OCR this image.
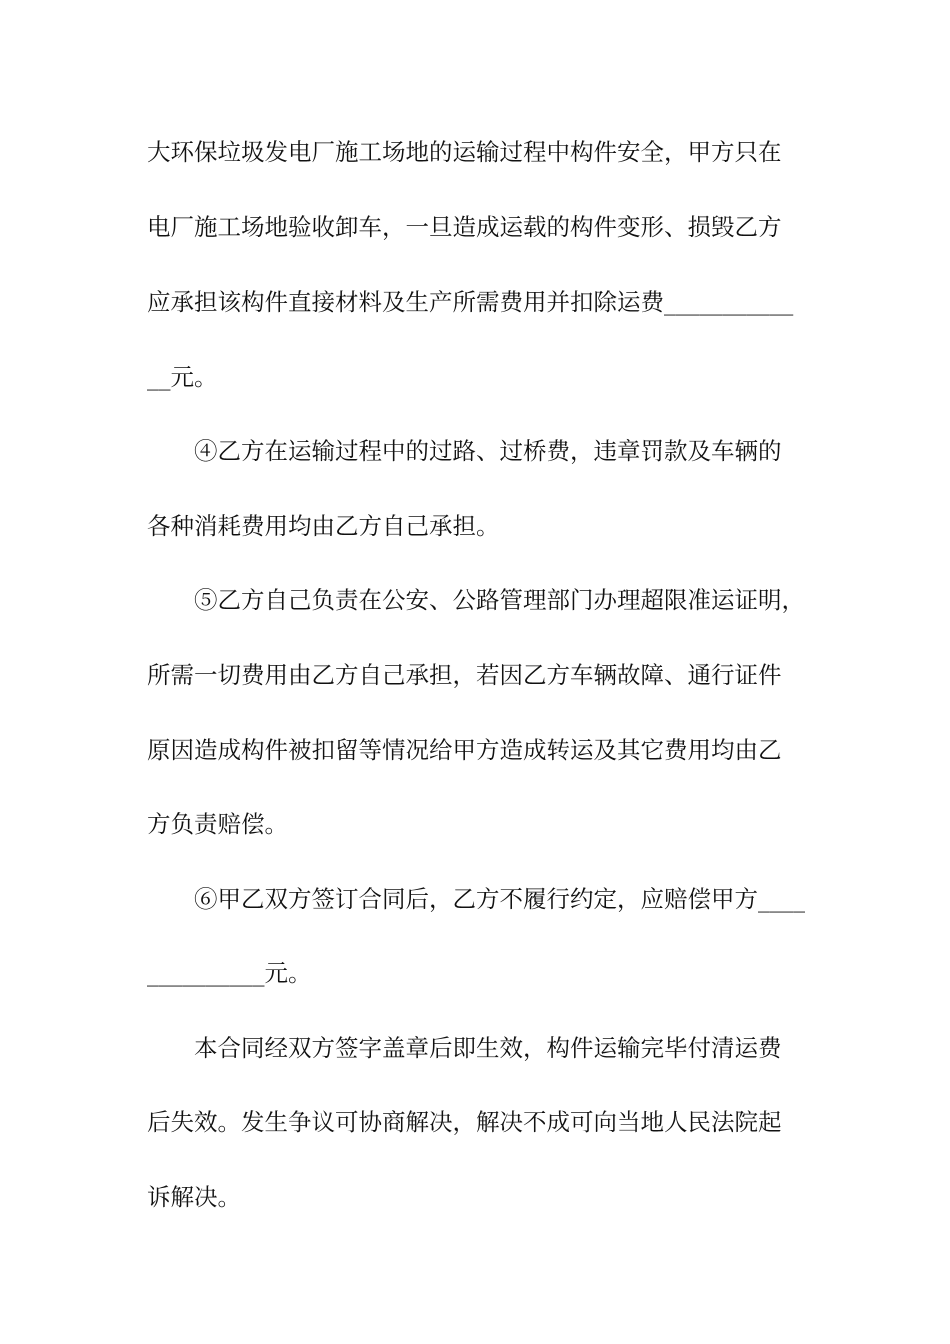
大环保垃圾发电厂施工场地的运输过程中构件安全，甲方只在
电厂施工场地验收卸车，一旦造成运载的构件变形、损毁乙方
应承担该构件直接材料及生产所需费用并扣除运费___________
__元。
④乙方在运输过程中的过路、过桥费，违章罚款及车辆的
各种消耗费用均由乙方自己承担。
⑤乙方自己负责在公安、公路管理部门办理超限准运证明，
所需一切费用由乙方自己承担，若因乙方车辆故障、通行证件
原因造成构件被扣留等情况给甲方造成转运及其它费用均由乙
方负责赔偿。
⑥甲乙双方签订合同后，乙方不履行约定，应赔偿甲方____
__________元。
本合同经双方签字盖章后即生效，构件运输完毕付清运费
后失效。发生争议可协商解决，解决不成可向当地人民法院起
诉解决。
